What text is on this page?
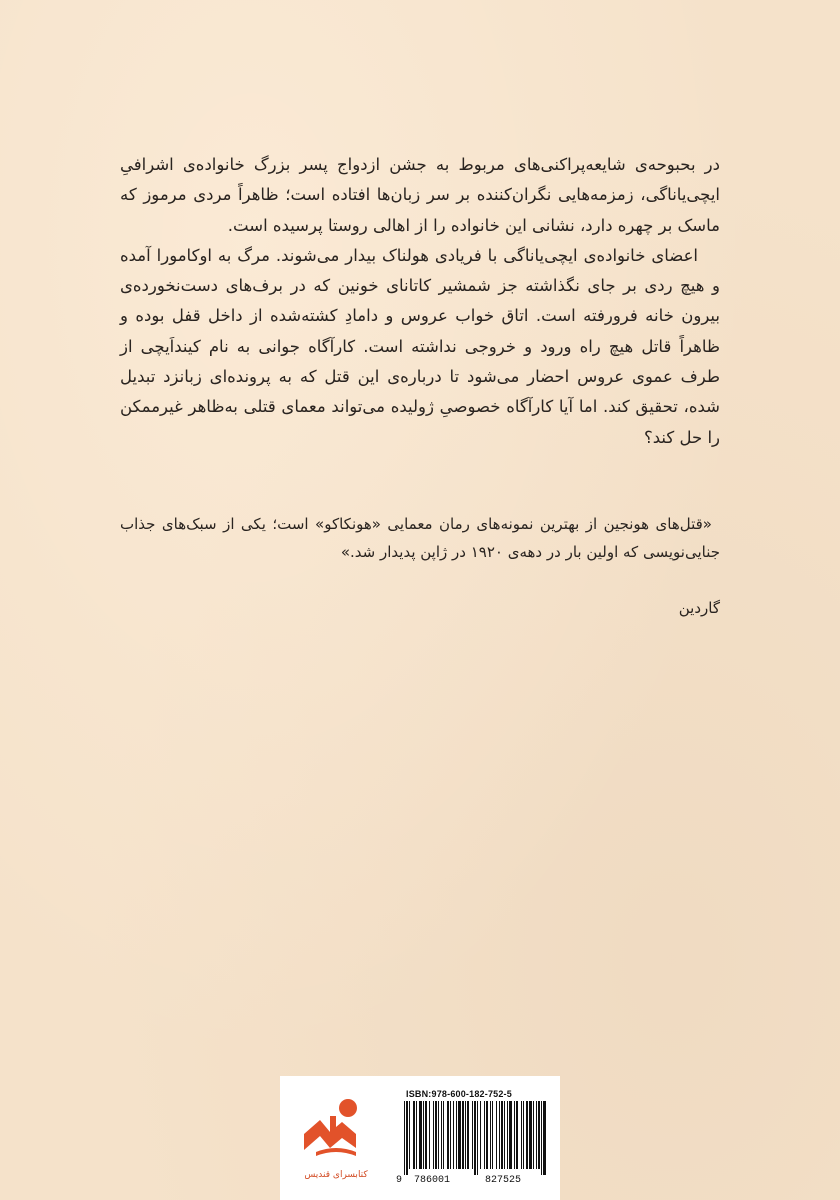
در بحبوحه‌ی شایعه‌پراکنی‌های مربوط به جشن ازدواج پسر بزرگ خانواده‌ی اشرافیِ ایچی‌یاناگی، زمزمه‌هایی نگران‌کننده بر سر زبان‌ها افتاده است؛ ظاهراً مردی مرموز که ماسک بر چهره دارد، نشانی این خانواده را از اهالی روستا پرسیده است.

اعضای خانواده‌ی ایچی‌یاناگی با فریادی هولناک بیدار می‌شوند. مرگ به اوکامورا آمده و هیچ ردی بر جای نگذاشته جز شمشیر کاتانای خونین که در برف‌های دست‌نخورده‌ی بیرون خانه فرورفته است. اتاق خواب عروس و دامادِ کشته‌شده از داخل قفل بوده و ظاهراً قاتل هیچ راه ورود و خروجی نداشته است. کارآگاه جوانی به نام کینداَیچی از طرف عموی عروس احضار می‌شود تا درباره‌ی این قتل که به پرونده‌ای زبانزد تبدیل شده، تحقیق کند. اما آیا کارآگاه خصوصیِ ژولیده می‌تواند معمای قتلی به‌ظاهر غیرممکن را حل کند؟

«قتل‌های هونجین از بهترین نمونه‌های رمان معمایی «هونکاکو» است؛ یکی از سبک‌های جذاب جنایی‌نویسی که اولین بار در دهه‌ی ۱۹۲۰ در ژاپن پدیدار شد.»

گاردین
کتابسرای قندیس
ISBN:978-600-182-752-5
9 786001	827525
